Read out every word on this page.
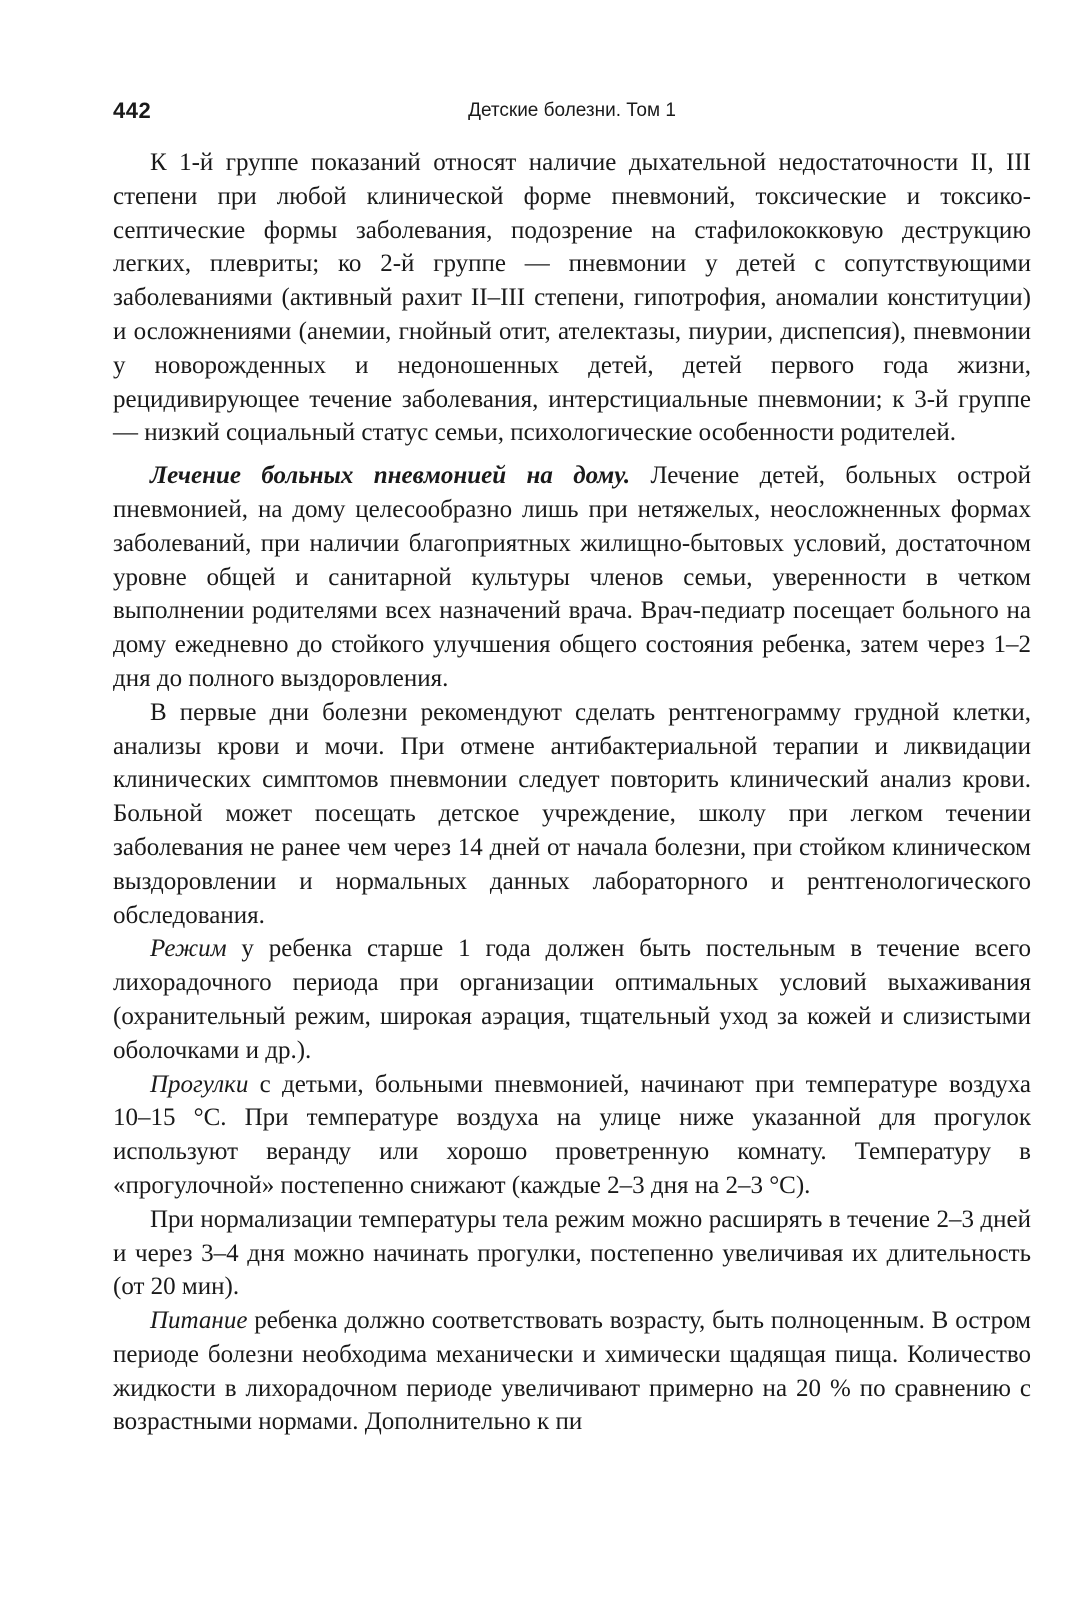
442	Детские болезни. Том 1

К 1-й группе показаний относят наличие дыхательной недостаточности II, III степени при любой клинической форме пневмоний, токсические и токсико-септические формы заболевания, подозрение на стафилококковую деструкцию легких, плевриты; ко 2-й группе — пневмонии у детей с сопутствующими заболеваниями (активный рахит II–III степени, гипотрофия, аномалии конституции) и осложнениями (анемии, гнойный отит, ателектазы, пиурии, диспепсия), пневмонии у новорожденных и недоношенных детей, детей первого года жизни, рецидивирующее течение заболевания, интерстициальные пневмонии; к 3-й группе — низкий социальный статус семьи, психологические особенности родителей.

Лечение больных пневмонией на дому. Лечение детей, больных острой пневмонией, на дому целесообразно лишь при нетяжелых, неосложненных формах заболеваний, при наличии благоприятных жилищно-бытовых условий, достаточном уровне общей и санитарной культуры членов семьи, уверенности в четком выполнении родителями всех назначений врача. Врач-педиатр посещает больного на дому ежедневно до стойкого улучшения общего состояния ребенка, затем через 1–2 дня до полного выздоровления.

В первые дни болезни рекомендуют сделать рентгенограмму грудной клетки, анализы крови и мочи. При отмене антибактериальной терапии и ликвидации клинических симптомов пневмонии следует повторить клинический анализ крови. Больной может посещать детское учреждение, школу при легком течении заболевания не ранее чем через 14 дней от начала болезни, при стойком клиническом выздоровлении и нормальных данных лабораторного и рентгенологического обследования.

Режим у ребенка старше 1 года должен быть постельным в течение всего лихорадочного периода при организации оптимальных условий выхаживания (охранительный режим, широкая аэрация, тщательный уход за кожей и слизистыми оболочками и др.).

Прогулки с детьми, больными пневмонией, начинают при температуре воздуха 10–15 °С. При температуре воздуха на улице ниже указанной для прогулок используют веранду или хорошо проветренную комнату. Температуру в «прогулочной» постепенно снижают (каждые 2–3 дня на 2–3 °С).

При нормализации температуры тела режим можно расширять в течение 2–3 дней и через 3–4 дня можно начинать прогулки, постепенно увеличивая их длительность (от 20 мин).

Питание ребенка должно соответствовать возрасту, быть полноценным. В остром периоде болезни необходима механически и химически щадящая пища. Количество жидкости в лихорадочном периоде увеличивают примерно на 20 % по сравнению с возрастными нормами. Дополнительно к пи
